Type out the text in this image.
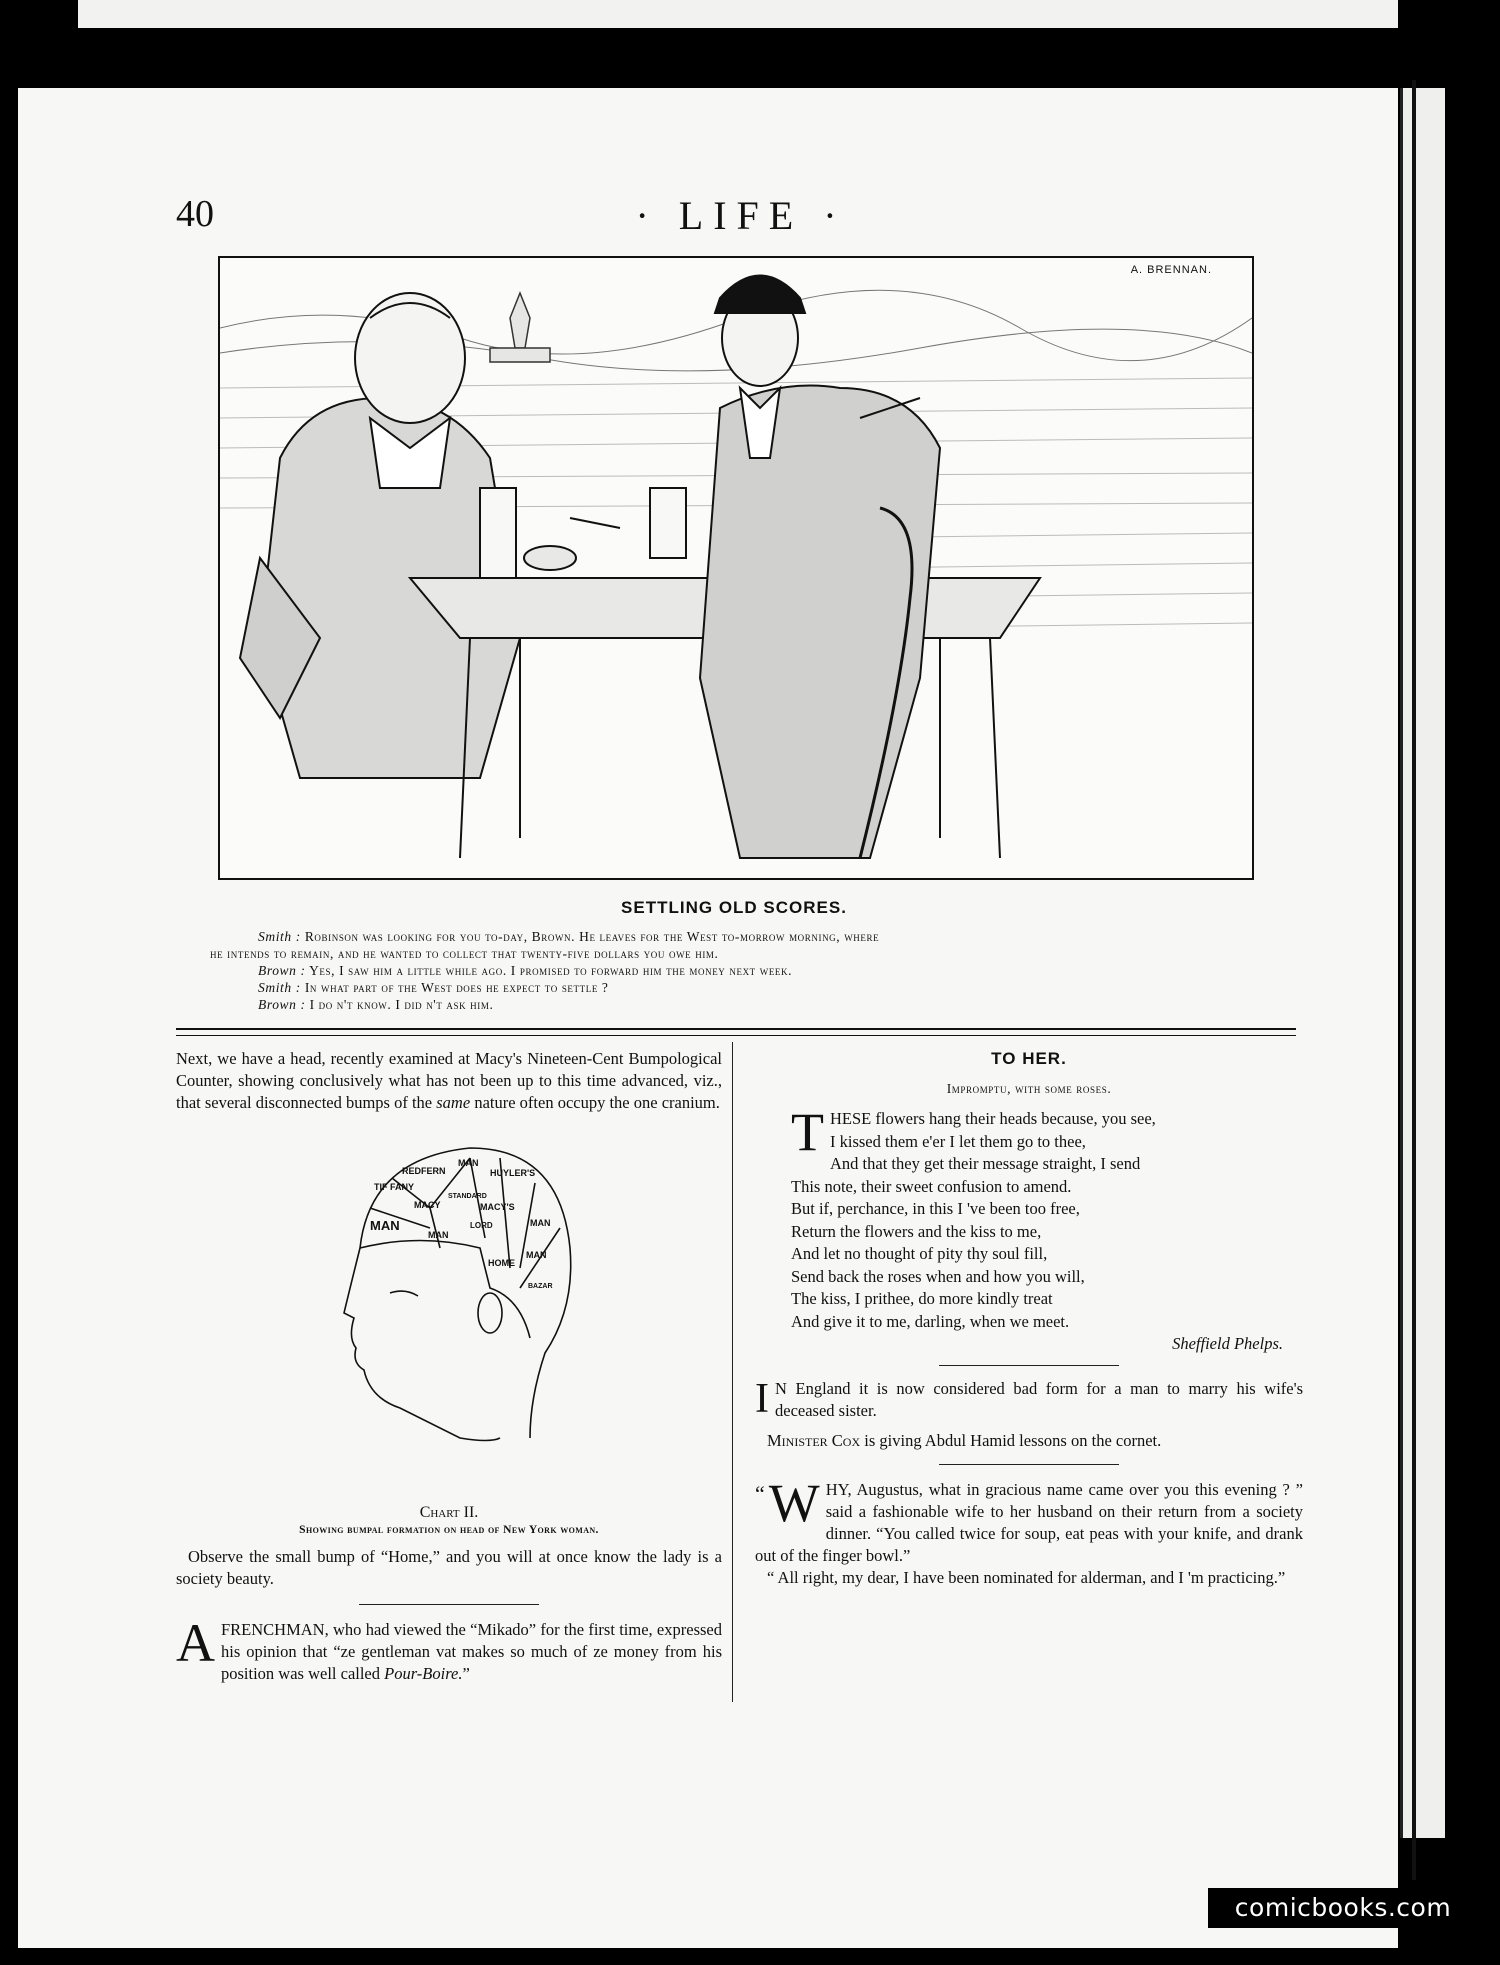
40	· LIFE ·
A. BRENNAN.
SETTLING OLD SCORES.
Smith : Robinson was looking for you to-day, Brown. He leaves for the West to-morrow morning, where
he intends to remain, and he wanted to collect that twenty-five dollars you owe him.
Brown : Yes, I saw him a little while ago. I promised to forward him the money next week.
Smith : In what part of the West does he expect to settle ?
Brown : I do n't know. I did n't ask him.

Next, we have a head, recently examined at Macy's Nineteen-Cent Bumpological Counter, showing conclusively what has not been up to this time advanced, viz., that several disconnected bumps of the same nature often occupy the one cranium.

TIF FANY
REDFERN
MAN
HUYLER'S
MAN
MACY
MAN
STANDARD
MACY'S
LORD	MAN
HOME
MAN
BAZAR
Chart II.
Showing bumpal formation on head of New York woman.

Observe the small bump of “Home,” and you will at once know the lady is a society beauty.

AFRENCHMAN, who had viewed the “Mikado” for the first time, expressed his opinion that “ze gentleman vat makes so much of ze money from his position was well called Pour-Boire.”

TO HER.
Impromptu, with some roses.
T HESE flowers hang their heads because, you see,
I kissed them e'er I let them go to thee,
And that they get their message straight, I send
This note, their sweet confusion to amend.
But if, perchance, in this I 've been too free,
Return the flowers and the kiss to me,
And let no thought of pity thy soul fill,
Send back the roses when and how you will,
The kiss, I prithee, do more kindly treat
And give it to me, darling, when we meet.
Sheffield Phelps.

I N England it is now considered bad form for a man to marry his wife's deceased sister.

Minister Cox is giving Abdul Hamid lessons on the cornet.

“ W HY, Augustus, what in gracious name came over you this evening ? ” said a fashionable wife to her husband on their return from a society dinner. “You called twice for soup, eat peas with your knife, and drank out of the finger bowl.”

“ All right, my dear, I have been nominated for alderman, and I 'm practicing.”

comicbooks.com
